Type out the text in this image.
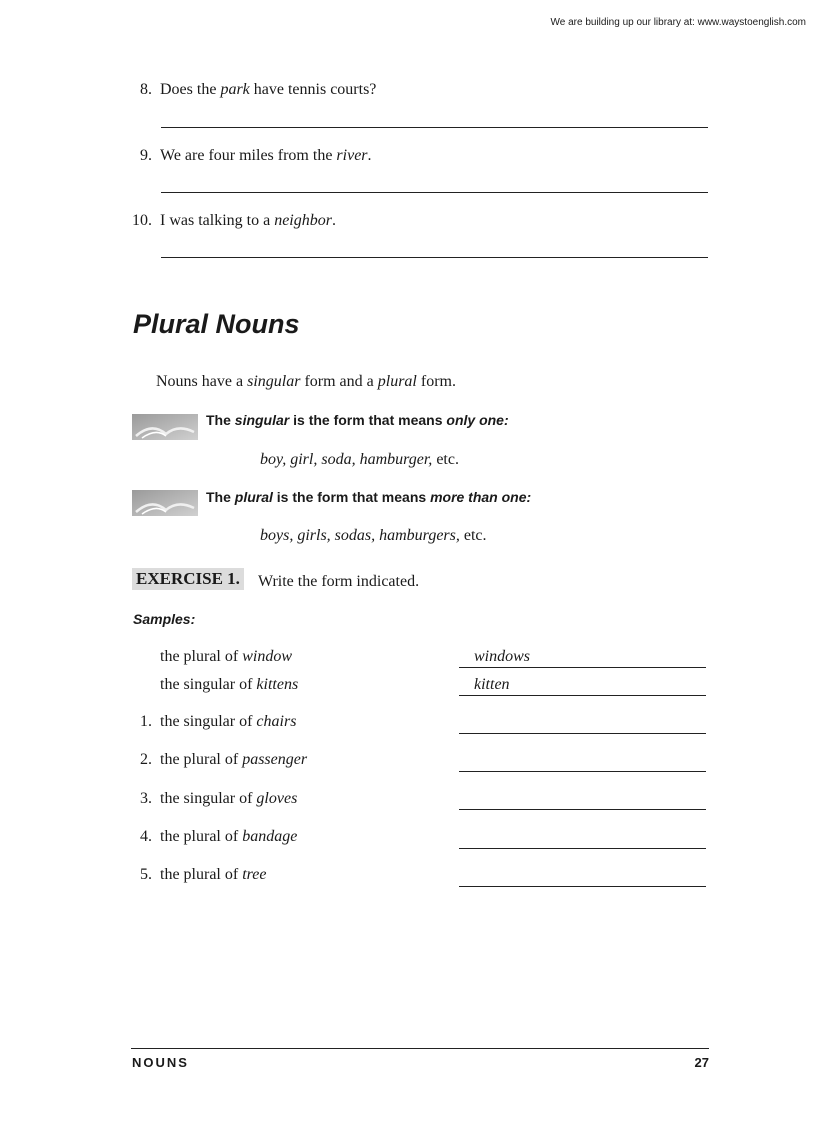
We are building up our library at: www.waystoenglish.com
8. Does the park have tennis courts?
9. We are four miles from the river.
10. I was talking to a neighbor.
Plural Nouns
Nouns have a singular form and a plural form.
The singular is the form that means only one:
boy, girl, soda, hamburger, etc.
The plural is the form that means more than one:
boys, girls, sodas, hamburgers, etc.
EXERCISE 1. Write the form indicated.
Samples:
the plural of window	windows
the singular of kittens	kitten
1. the singular of chairs
2. the plural of passenger
3. the singular of gloves
4. the plural of bandage
5. the plural of tree
NOUNS	27
